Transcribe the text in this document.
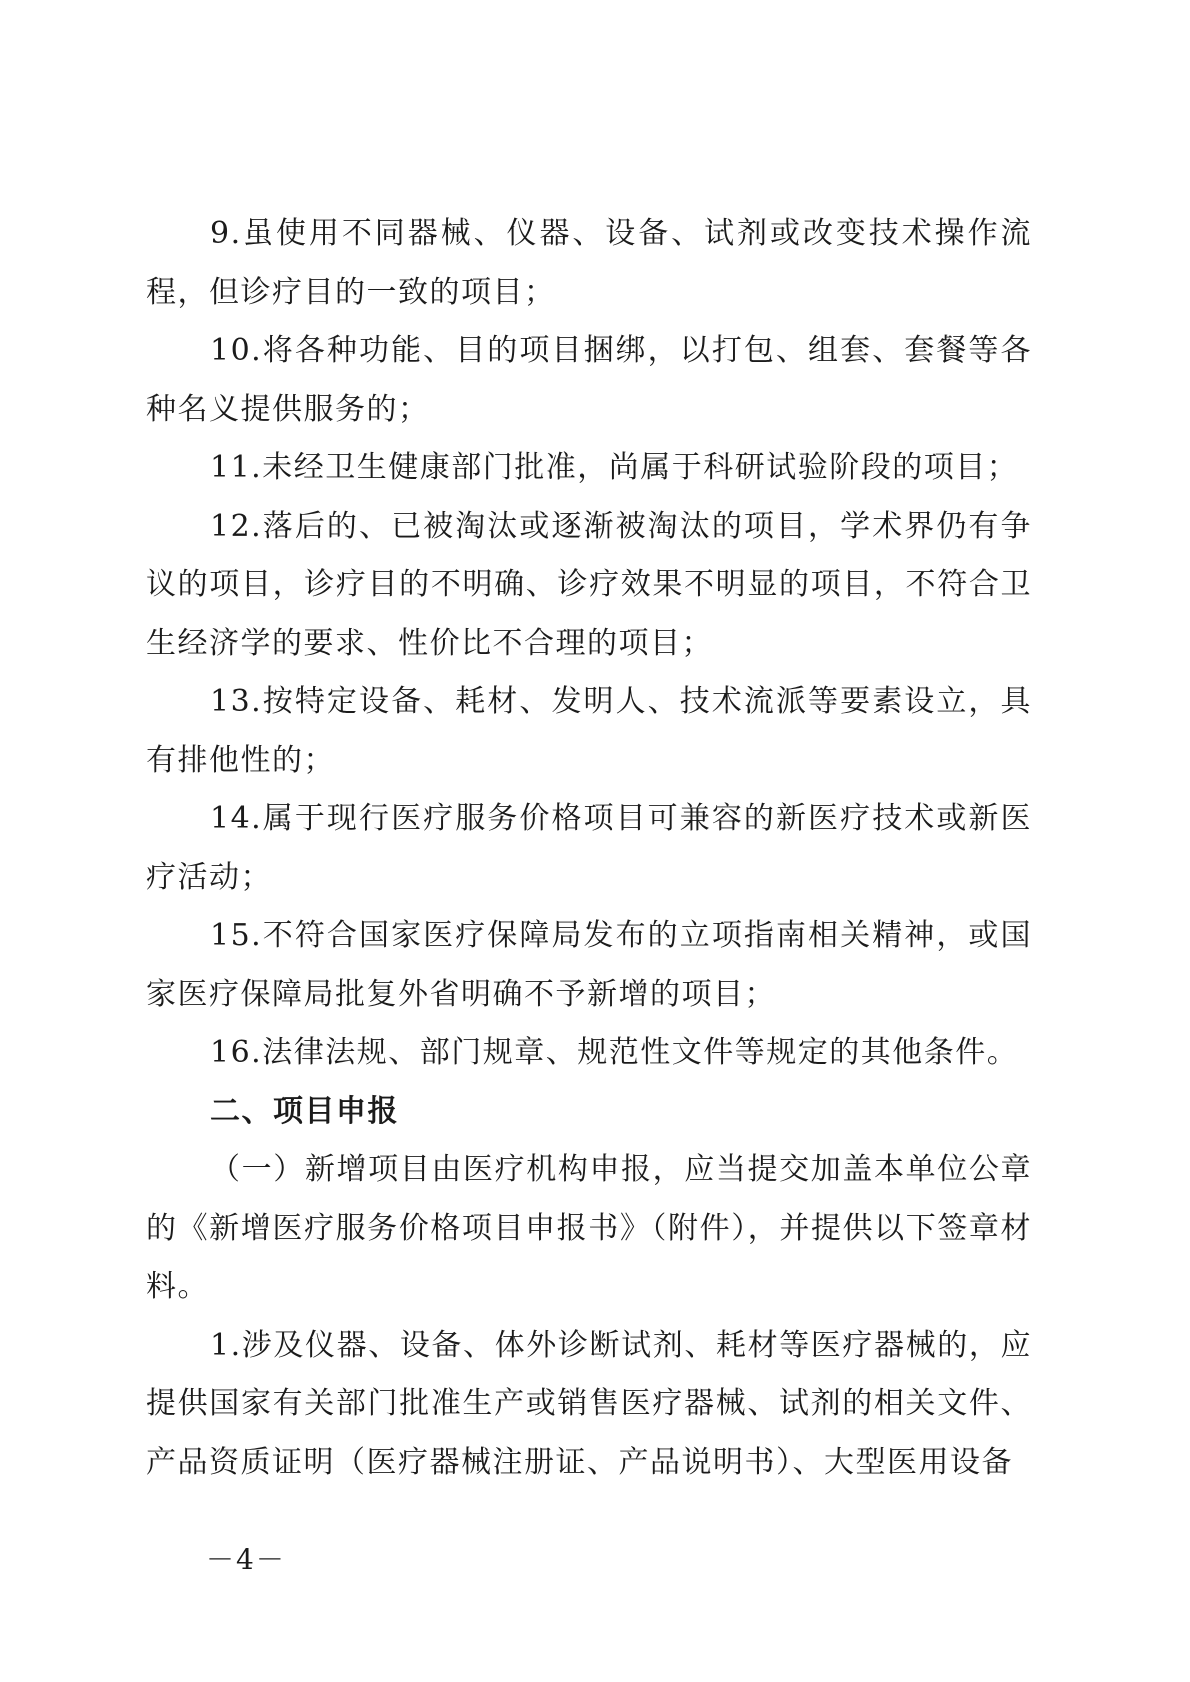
9.虽使用不同器械、仪器、设备、试剂或改变技术操作流程，但诊疗目的一致的项目；

10.将各种功能、目的项目捆绑，以打包、组套、套餐等各种名义提供服务的；

11.未经卫生健康部门批准，尚属于科研试验阶段的项目；

12.落后的、已被淘汰或逐渐被淘汰的项目，学术界仍有争议的项目，诊疗目的不明确、诊疗效果不明显的项目，不符合卫生经济学的要求、性价比不合理的项目；

13.按特定设备、耗材、发明人、技术流派等要素设立，具有排他性的；

14.属于现行医疗服务价格项目可兼容的新医疗技术或新医疗活动；

15.不符合国家医疗保障局发布的立项指南相关精神，或国家医疗保障局批复外省明确不予新增的项目；

16.法律法规、部门规章、规范性文件等规定的其他条件。

二、项目申报

（一）新增项目由医疗机构申报，应当提交加盖本单位公章的《新增医疗服务价格项目申报书》（附件），并提供以下签章材料。

1.涉及仪器、设备、体外诊断试剂、耗材等医疗器械的，应提供国家有关部门批准生产或销售医疗器械、试剂的相关文件、产品资质证明（医疗器械注册证、产品说明书）、大型医用设备

－4－
